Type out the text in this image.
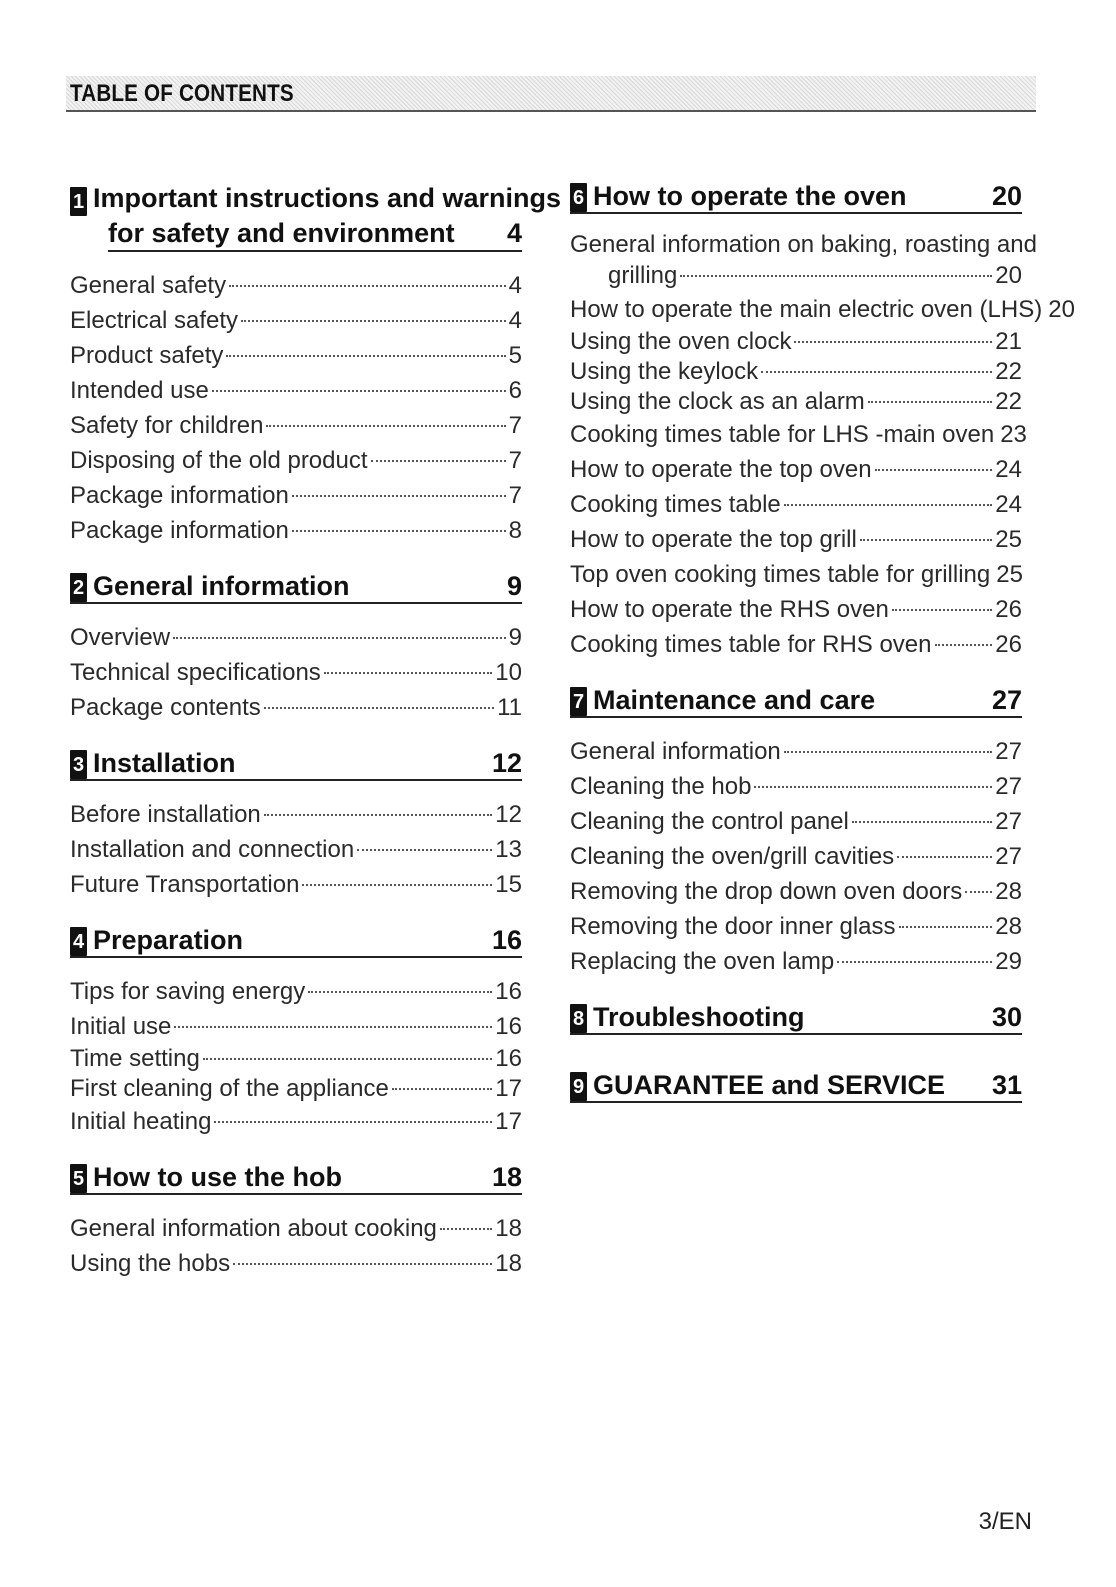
TABLE OF CONTENTS
1 Important instructions and warnings
for safety and environment	4
General safety	4
Electrical safety	4
Product safety	5
Intended use	6
Safety for children	7
Disposing of the old product	7
Package information	7
Package information	8
2 General information	9
Overview	9
Technical specifications	10
Package contents	11
3 Installation	12
Before installation	12
Installation and connection	13
Future Transportation	15
4 Preparation	16
Tips for saving energy	16
Initial use	16
Time setting	16
First cleaning of the appliance	17
Initial heating	17
5 How to use the hob	18
General information about cooking 18
Using the hobs	18
6 How to operate the oven	20
General information on baking, roasting and
grilling	20
How to operate the main electric oven (LHS) 20
Using the oven clock	21
Using the keylock	22
Using the clock as an alarm	22
Cooking times table for LHS -main oven 23
How to operate the top oven	24
Cooking times table	24
How to operate the top grill	25
Top oven cooking times table for grilling 25
How to operate the RHS oven	26
Cooking times table for RHS oven	26
7 Maintenance and care	27
General information	27
Cleaning the hob	27
Cleaning the control panel	27
Cleaning the oven/grill cavities	27
Removing the drop down oven doors 28
Removing the door inner glass	28
Replacing the oven lamp	29
8 Troubleshooting	30
9 GUARANTEE and SERVICE	31
3/EN
